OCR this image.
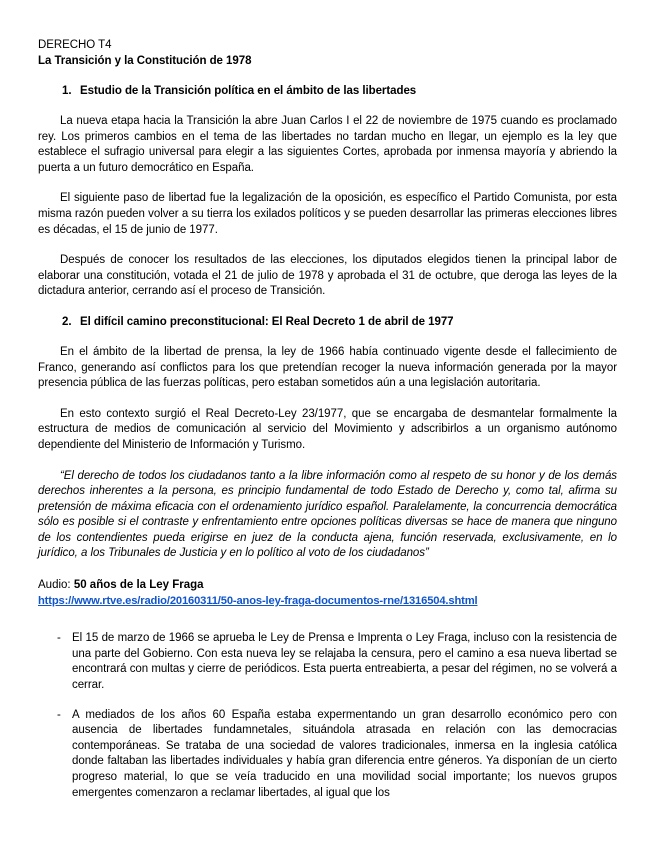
DERECHO T4
La Transición y la Constitución de 1978
1. Estudio de la Transición política en el ámbito de las libertades

La nueva etapa hacia la Transición la abre Juan Carlos I el 22 de noviembre de 1975 cuando es proclamado rey. Los primeros cambios en el tema de las libertades no tardan mucho en llegar, un ejemplo es la ley que establece el sufragio universal para elegir a las siguientes Cortes, aprobada por inmensa mayoría y abriendo la puerta a un futuro democrático en España.

El siguiente paso de libertad fue la legalización de la oposición, es específico el Partido Comunista, por esta misma razón pueden volver a su tierra los exilados políticos y se pueden desarrollar las primeras elecciones libres es décadas, el 15 de junio de 1977.

Después de conocer los resultados de las elecciones, los diputados elegidos tienen la principal labor de elaborar una constitución, votada el 21 de julio de 1978 y aprobada el 31 de octubre, que deroga las leyes de la dictadura anterior, cerrando así el proceso de Transición.

2. El difícil camino preconstitucional: El Real Decreto 1 de abril de 1977

En el ámbito de la libertad de prensa, la ley de 1966 había continuado vigente desde el fallecimiento de Franco, generando así conflictos para los que pretendían recoger la nueva información generada por la mayor presencia pública de las fuerzas políticas, pero estaban sometidos aún a una legislación autoritaria.

En esto contexto surgió el Real Decreto-Ley 23/1977, que se encargaba de desmantelar formalmente la estructura de medios de comunicación al servicio del Movimiento y adscribirlos a un organismo autónomo dependiente del Ministerio de Información y Turismo.

“El derecho de todos los ciudadanos tanto a la libre información como al respeto de su honor y de los demás derechos inherentes a la persona, es principio fundamental de todo Estado de Derecho y, como tal, afirma su pretensión de máxima eficacia con el ordenamiento jurídico español. Paralelamente, la concurrencia democrática sólo es posible si el contraste y enfrentamiento entre opciones políticas diversas se hace de manera que ninguno de los contendientes pueda erigirse en juez de la conducta ajena, función reservada, exclusivamente, en lo jurídico, a los Tribunales de Justicia y en lo político al voto de los ciudadanos”

Audio: 50 años de la Ley Fraga
https://www.rtve.es/radio/20160311/50-anos-ley-fraga-documentos-rne/1316504.shtml
- El 15 de marzo de 1966 se aprueba le Ley de Prensa e Imprenta o Ley Fraga, incluso con la resistencia de una parte del Gobierno. Con esta nueva ley se relajaba la censura, pero el camino a esa nueva libertad se encontrará con multas y cierre de periódicos. Esta puerta entreabierta, a pesar del régimen, no se volverá a cerrar.
- A mediados de los años 60 España estaba expermentando un gran desarrollo económico pero con ausencia de libertades fundamnetales, situándola atrasada en relación con las democracias contemporáneas. Se trataba de una sociedad de valores tradicionales, inmersa en la inglesia católica donde faltaban las libertades individuales y había gran diferencia entre géneros. Ya disponían de un cierto progreso material, lo que se veía traducido en una movilidad social importante; los nuevos grupos emergentes comenzaron a reclamar libertades, al igual que los
